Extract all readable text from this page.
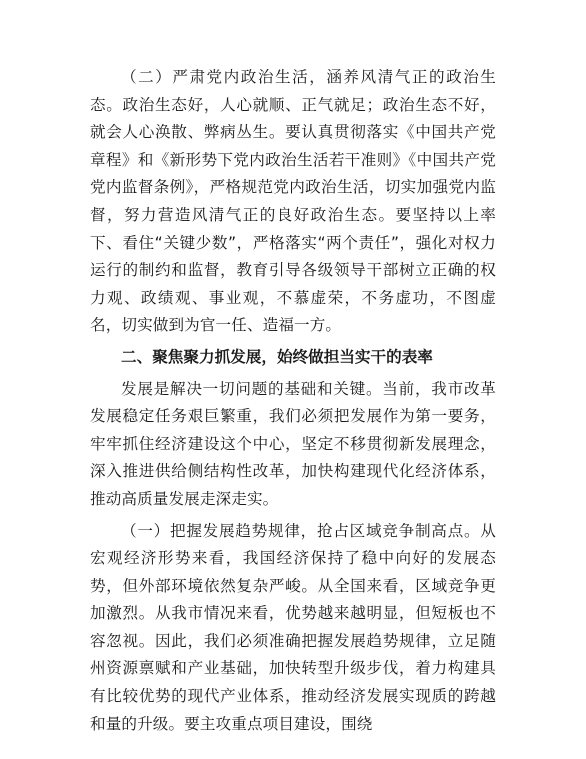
（二）严肃党内政治生活，涵养风清气正的政治生态。政治生态好，人心就顺、正气就足；政治生态不好，就会人心涣散、弊病丛生。要认真贯彻落实《中国共产党章程》和《新形势下党内政治生活若干准则》《中国共产党党内监督条例》，严格规范党内政治生活，切实加强党内监督，努力营造风清气正的良好政治生态。要坚持以上率下、看住“关键少数”，严格落实“两个责任”，强化对权力运行的制约和监督，教育引导各级领导干部树立正确的权力观、政绩观、事业观，不慕虚荣，不务虚功，不图虚名，切实做到为官一任、造福一方。

二、聚焦聚力抓发展，始终做担当实干的表率

发展是解决一切问题的基础和关键。当前，我市改革发展稳定任务艰巨繁重，我们必须把发展作为第一要务，牢牢抓住经济建设这个中心，坚定不移贯彻新发展理念，深入推进供给侧结构性改革，加快构建现代化经济体系，推动高质量发展走深走实。

（一）把握发展趋势规律，抢占区域竞争制高点。从宏观经济形势来看，我国经济保持了稳中向好的发展态势，但外部环境依然复杂严峻。从全国来看，区域竞争更加激烈。从我市情况来看，优势越来越明显，但短板也不容忽视。因此，我们必须准确把握发展趋势规律，立足随州资源禀赋和产业基础，加快转型升级步伐，着力构建具有比较优势的现代产业体系，推动经济发展实现质的跨越和量的升级。要主攻重点项目建设，围绕
